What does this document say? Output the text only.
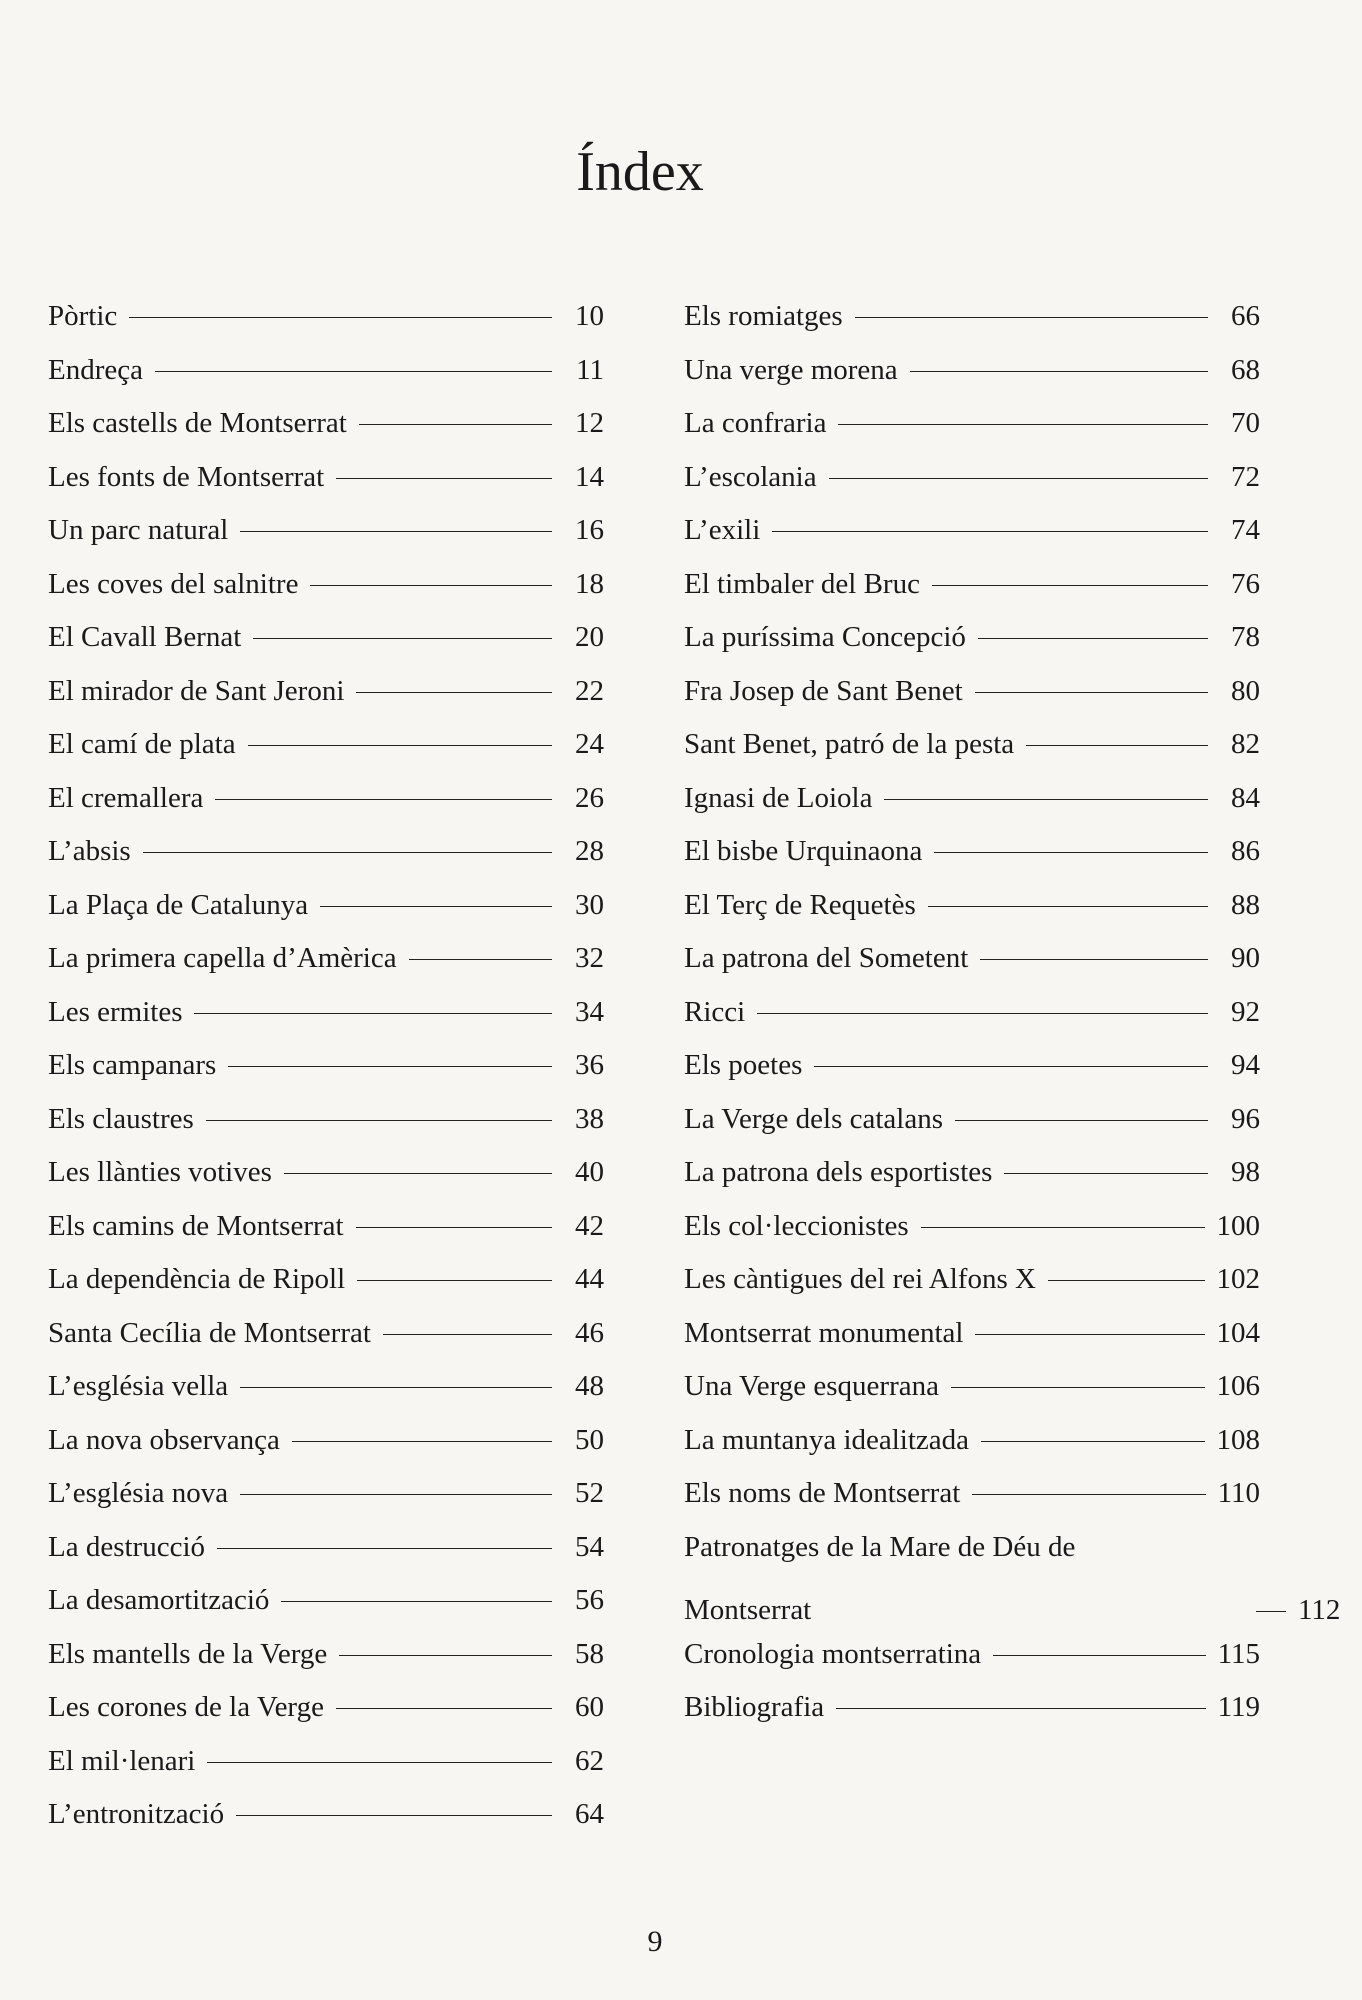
Índex
Pòrtic	10
Endreça	11
Els castells de Montserrat	12
Les fonts de Montserrat	14
Un parc natural	16
Les coves del salnitre	18
El Cavall Bernat	20
El mirador de Sant Jeroni	22
El camí de plata	24
El cremallera	26
L’absis	28
La Plaça de Catalunya	30
La primera capella d’Amèrica	32
Les ermites	34
Els campanars	36
Els claustres	38
Les llànties votives	40
Els camins de Montserrat	42
La dependència de Ripoll	44
Santa Cecília de Montserrat	46
L’església vella	48
La nova observança	50
L’església nova	52
La destrucció	54
La desamortització	56
Els mantells de la Verge	58
Les corones de la Verge	60
El mil·lenari	62
L’entronització	64
Els romiatges	66
Una verge morena	68
La confraria	70
L’escolania	72
L’exili	74
El timbaler del Bruc	76
La puríssima Concepció	78
Fra Josep de Sant Benet	80
Sant Benet, patró de la pesta	82
Ignasi de Loiola	84
El bisbe Urquinaona	86
El Terç de Requetès	88
La patrona del Sometent	90
Ricci	92
Els poetes	94
La Verge dels catalans	96
La patrona dels esportistes	98
Els col·leccionistes	100
Les càntigues del rei Alfons X	102
Montserrat monumental	104
Una Verge esquerrana	106
La muntanya idealitzada	108
Els noms de Montserrat	110
Patronatges de la Mare de Déu de
Montserrat	112
Cronologia montserratina	115
Bibliografia	119
9
